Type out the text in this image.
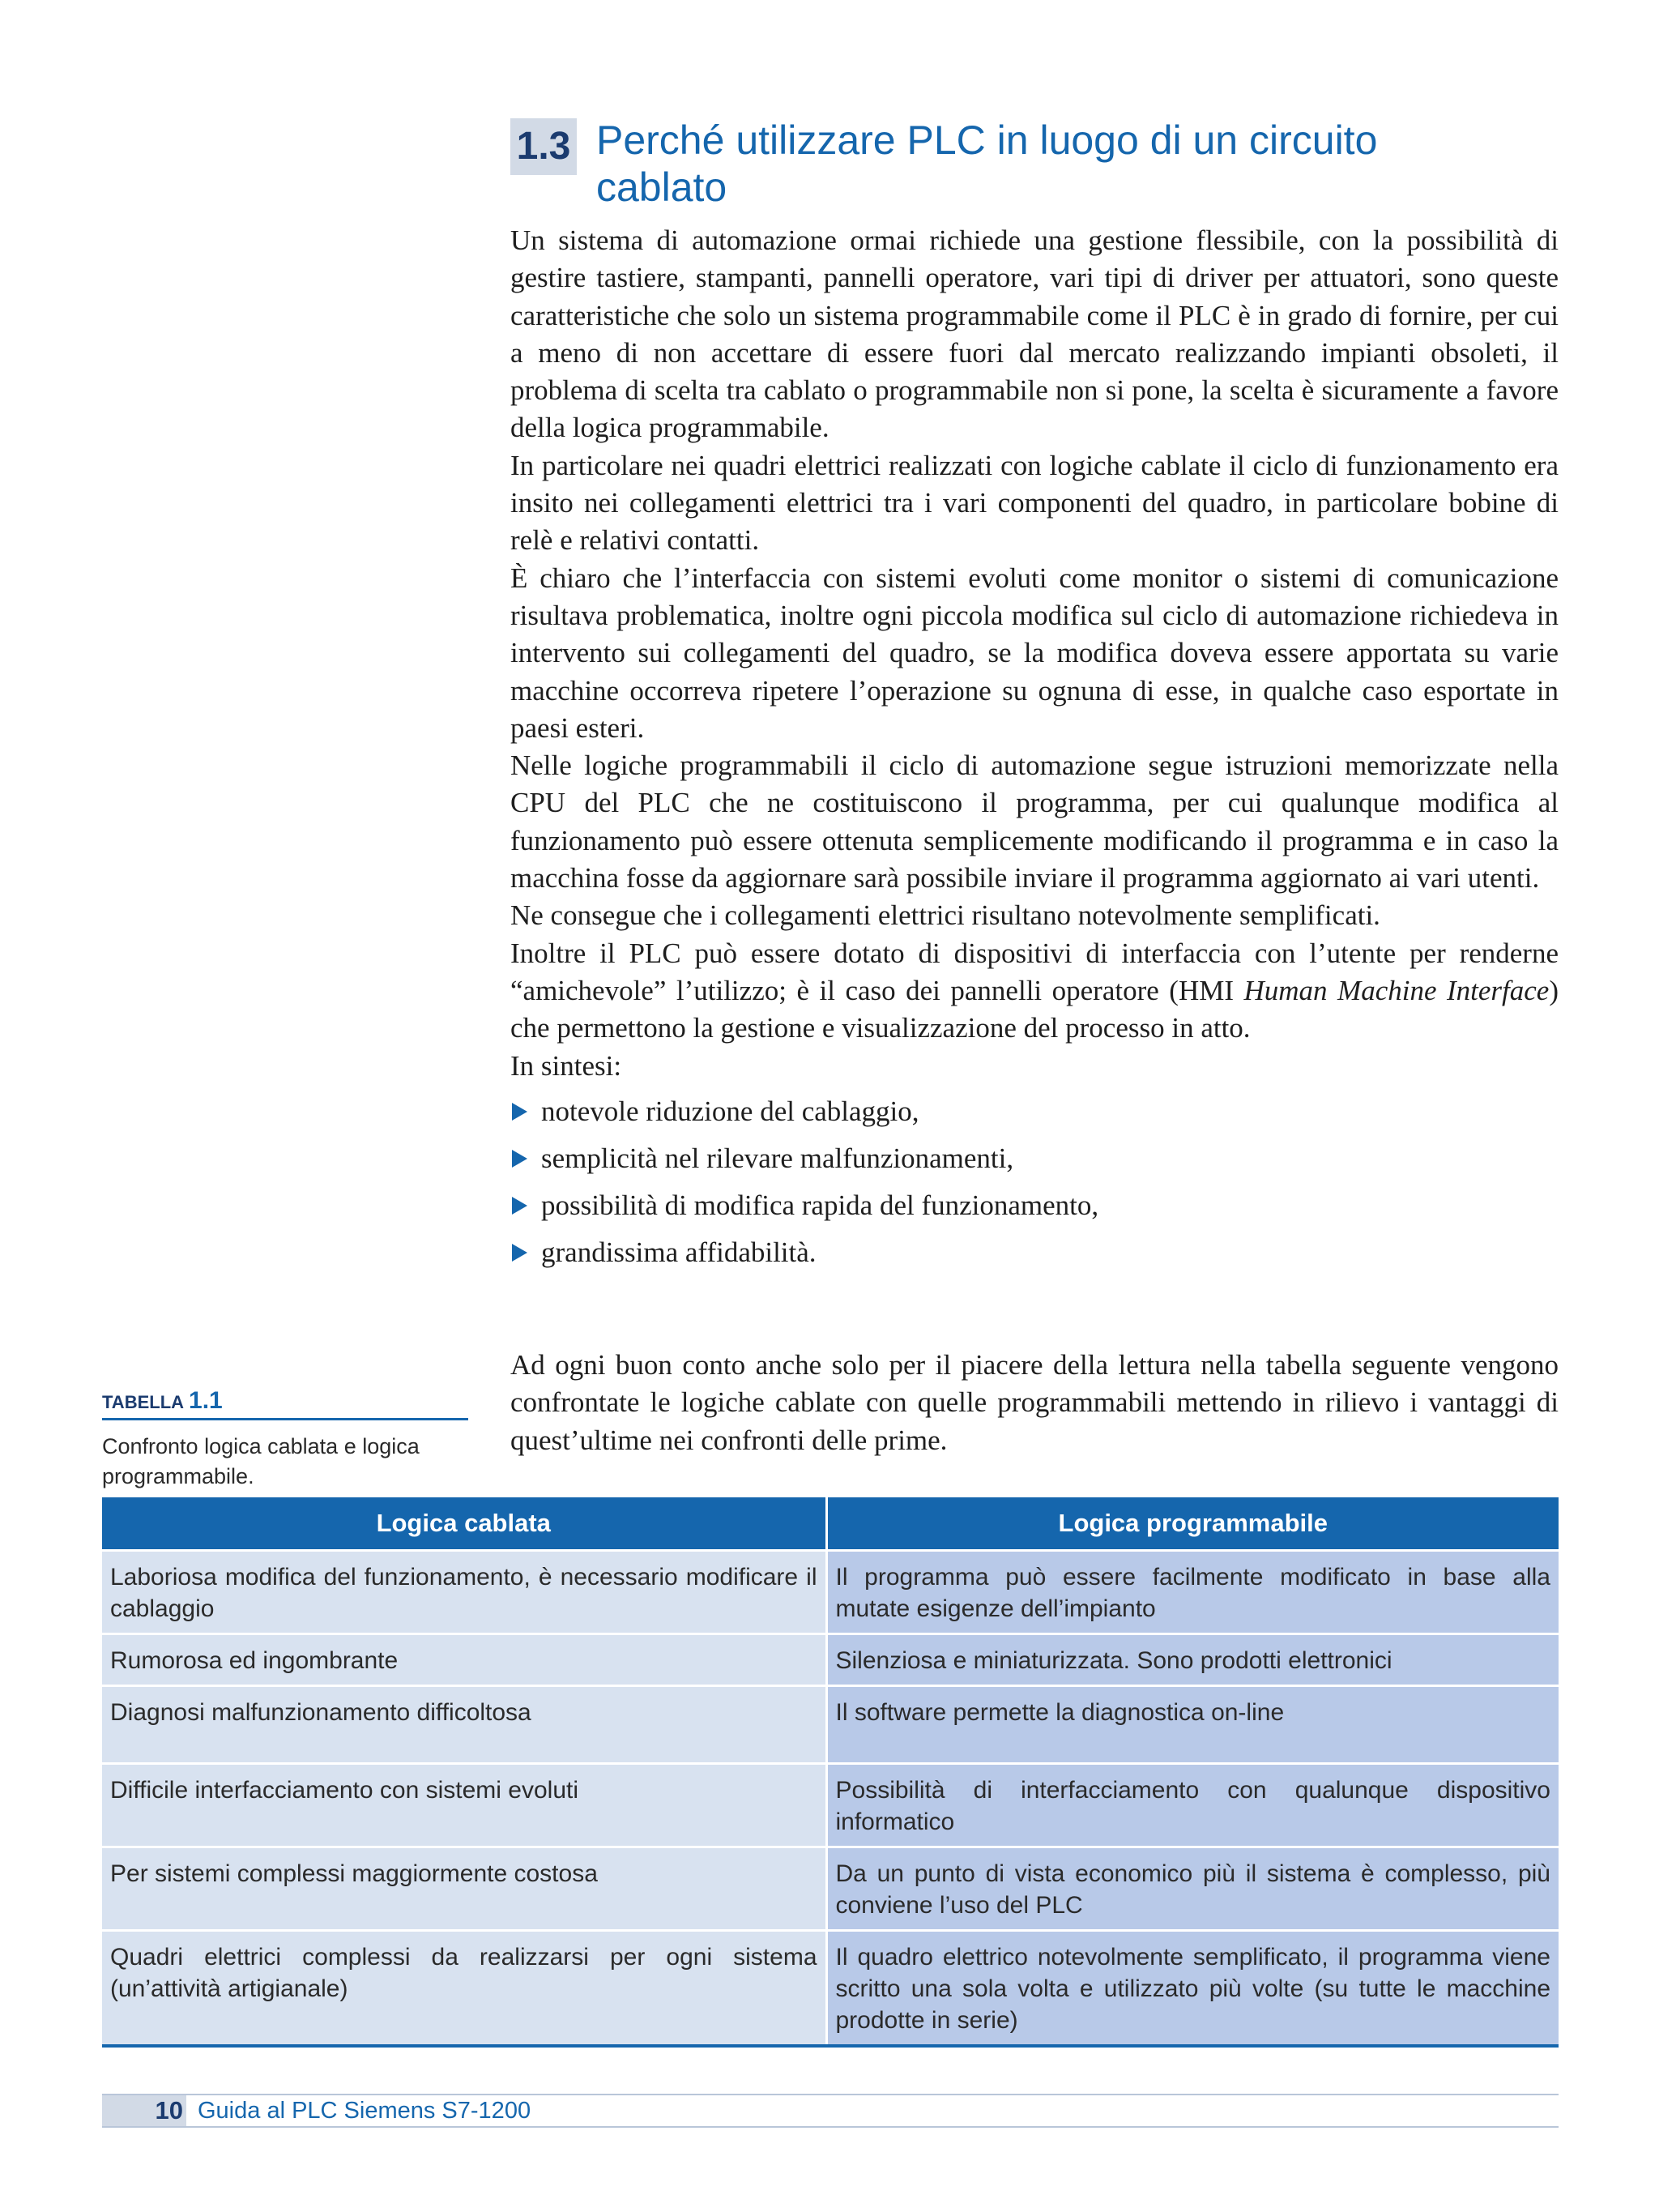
1.3 Perché utilizzare PLC in luogo di un circuito cablato

Un sistema di automazione ormai richiede una gestione flessibile, con la possibilità di gestire tastiere, stampanti, pannelli operatore, vari tipi di driver per attuatori, sono queste caratteristiche che solo un sistema programmabile come il PLC è in grado di fornire, per cui a meno di non accettare di essere fuori dal mercato realizzando impianti obsoleti, il problema di scelta tra cablato o programmabile non si pone, la scelta è sicuramente a favore della logica programmabile.

In particolare nei quadri elettrici realizzati con logiche cablate il ciclo di funzionamento era insito nei collegamenti elettrici tra i vari componenti del quadro, in particolare bobine di relè e relativi contatti.

È chiaro che l’interfaccia con sistemi evoluti come monitor o sistemi di comunicazione risultava problematica, inoltre ogni piccola modifica sul ciclo di automazione richiedeva in intervento sui collegamenti del quadro, se la modifica doveva essere apportata su varie macchine occorreva ripetere l’operazione su ognuna di esse, in qualche caso esportate in paesi esteri.

Nelle logiche programmabili il ciclo di automazione segue istruzioni memorizzate nella CPU del PLC che ne costituiscono il programma, per cui qualunque modifica al funzionamento può essere ottenuta semplicemente modificando il programma e in caso la macchina fosse da aggiornare sarà possibile inviare il programma aggiornato ai vari utenti.

Ne consegue che i collegamenti elettrici risultano notevolmente semplificati.

Inoltre il PLC può essere dotato di dispositivi di interfaccia con l’utente per renderne “amichevole” l’utilizzo; è il caso dei pannelli operatore (HMI Human Machine Interface) che permettono la gestione e visualizzazione del processo in atto.

In sintesi:

notevole riduzione del cablaggio,
semplicità nel rilevare malfunzionamenti,
possibilità di modifica rapida del funzionamento,
grandissima affidabilità.
Ad ogni buon conto anche solo per il piacere della lettura nella tabella seguente vengono confrontate le logiche cablate con quelle programmabili mettendo in rilievo i vantaggi di quest’ultime nei confronti delle prime.
TABELLA 1.1
Confronto logica cablata e logica programmabile.
Logica cablata	Logica programmabile
Laboriosa modifica del funzionamento, è necessario modificare il cablaggio	Il programma può essere facilmente modificato in base alla mutate esigenze dell’impianto
Rumorosa ed ingombrante	Silenziosa e miniaturizzata. Sono prodotti elettronici
Diagnosi malfunzionamento difficoltosa	Il software permette la diagnostica on-line
Difficile interfacciamento con sistemi evoluti	Possibilità di interfacciamento con qualunque dispositivo informatico
Per sistemi complessi maggiormente costosa	Da un punto di vista economico più il sistema è complesso, più conviene l’uso del PLC
Quadri elettrici complessi da realizzarsi per ogni sistema (un’attività artigianale)	Il quadro elettrico notevolmente semplificato, il programma viene scritto una sola volta e utilizzato più volte (su tutte le macchine prodotte in serie)
10 Guida al PLC Siemens S7-1200
